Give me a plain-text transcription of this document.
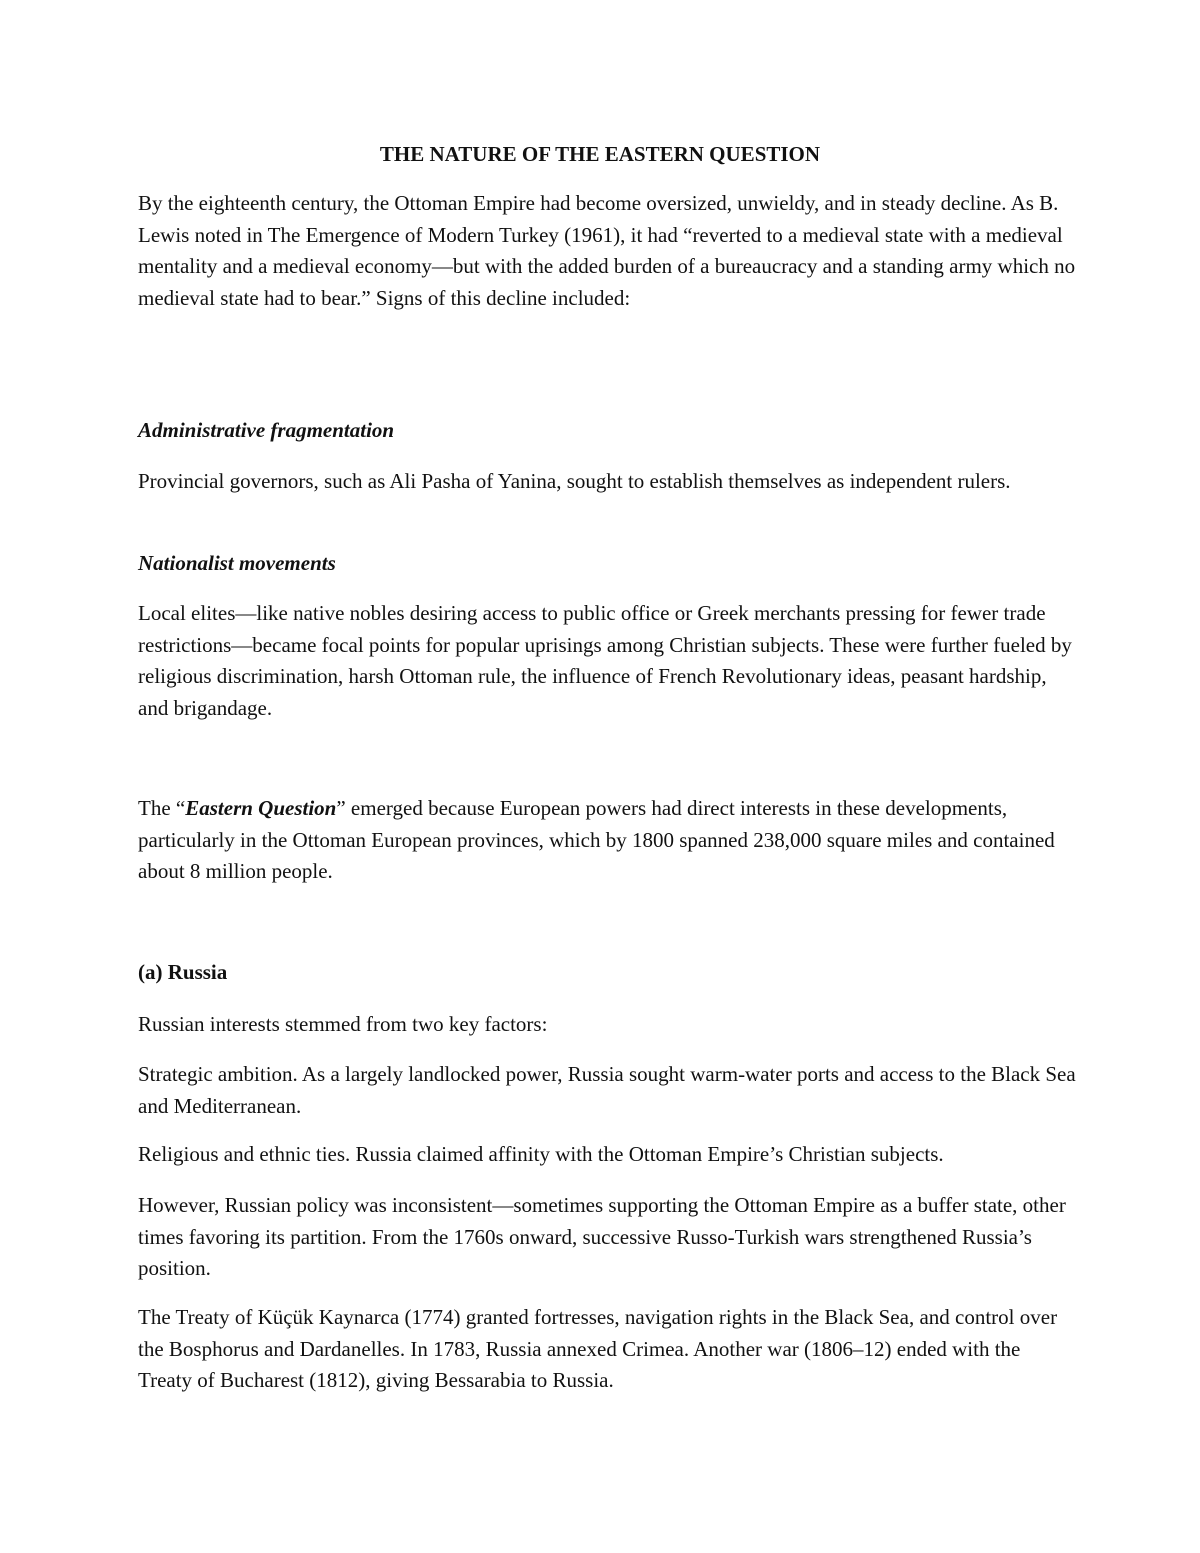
THE NATURE OF THE EASTERN QUESTION

By the eighteenth century, the Ottoman Empire had become oversized, unwieldy, and in steady decline. As B. Lewis noted in The Emergence of Modern Turkey (1961), it had “reverted to a medieval state with a medieval mentality and a medieval economy—but with the added burden of a bureaucracy and a standing army which no medieval state had to bear.” Signs of this decline included:

Administrative fragmentation

Provincial governors, such as Ali Pasha of Yanina, sought to establish themselves as independent rulers.

Nationalist movements

Local elites—like native nobles desiring access to public office or Greek merchants pressing for fewer trade restrictions—became focal points for popular uprisings among Christian subjects. These were further fueled by religious discrimination, harsh Ottoman rule, the influence of French Revolutionary ideas, peasant hardship, and brigandage.

The “Eastern Question” emerged because European powers had direct interests in these developments, particularly in the Ottoman European provinces, which by 1800 spanned 238,000 square miles and contained about 8 million people.

(a) Russia

Russian interests stemmed from two key factors:

Strategic ambition. As a largely landlocked power, Russia sought warm-water ports and access to the Black Sea and Mediterranean.

Religious and ethnic ties. Russia claimed affinity with the Ottoman Empire’s Christian subjects.

However, Russian policy was inconsistent—sometimes supporting the Ottoman Empire as a buffer state, other times favoring its partition. From the 1760s onward, successive Russo-Turkish wars strengthened Russia’s position.

The Treaty of Küçük Kaynarca (1774) granted fortresses, navigation rights in the Black Sea, and control over the Bosphorus and Dardanelles. In 1783, Russia annexed Crimea. Another war (1806–12) ended with the Treaty of Bucharest (1812), giving Bessarabia to Russia.
